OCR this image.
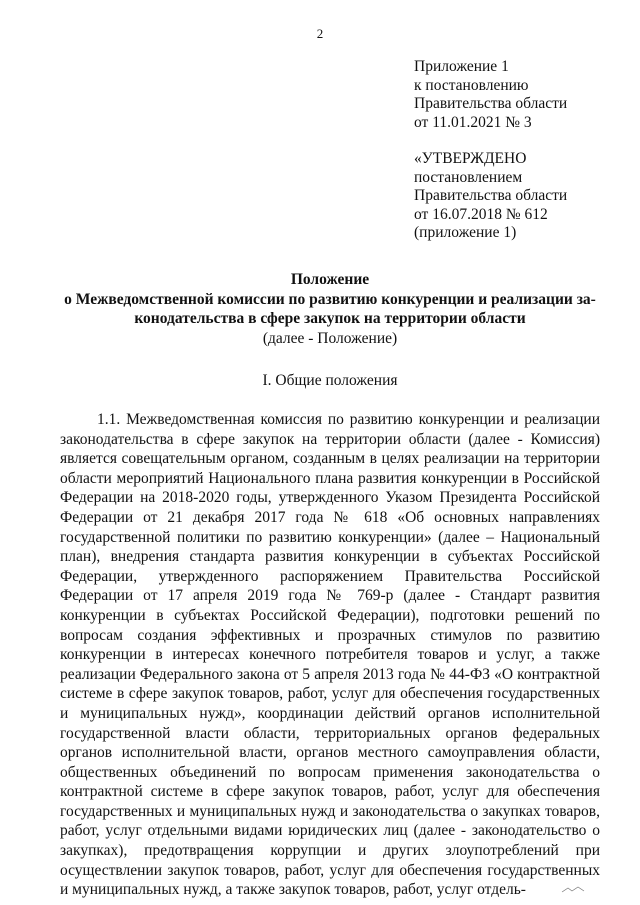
2
Приложение 1
к постановлению
Правительства области
от 11.01.2021 № 3
«УТВЕРЖДЕНО
постановлением
Правительства области
от 16.07.2018 № 612
(приложение 1)
Положение
о Межведомственной комиссии по развитию конкуренции и реализации за-
конодательства в сфере закупок на территории области
(далее - Положение)
I. Общие положения

1.1. Межведомственная комиссия по развитию конкуренции и реализации законодательства в сфере закупок на территории области (далее - Комиссия) является совещательным органом, созданным в целях реализации на территории области мероприятий Национального плана развития конкуренции в Российской Федерации на 2018-2020 годы, утвержденного Указом Президента Российской Федерации от 21 декабря 2017 года № 618 «Об основных направлениях государственной политики по развитию конкуренции» (далее – Национальный план), внедрения стандарта развития конкуренции в субъектах Российской Федерации, утвержденного распоряжением Правительства Российской Федерации от 17 апреля 2019 года № 769-р (далее - Стандарт развития конкуренции в субъектах Российской Федерации), подготовки решений по вопросам создания эффективных и прозрачных стимулов по развитию конкуренции в интересах конечного потребителя товаров и услуг, а также реализации Федерального закона от 5 апреля 2013 года № 44-ФЗ «О контрактной системе в сфере закупок товаров, работ, услуг для обеспечения государственных и муниципальных нужд», координации действий органов исполнительной государственной власти области, территориальных органов федеральных органов исполнительной власти, органов местного самоуправления области, общественных объединений по вопросам применения законодательства о контрактной системе в сфере закупок товаров, работ, услуг для обеспечения государственных и муниципальных нужд и законодательства о закупках товаров, работ, услуг отдельными видами юридических лиц (далее - законодательство о закупках), предотвращения коррупции и других злоупотреблений при осуществлении закупок товаров, работ, услуг для обеспечения государственных и муниципальных нужд, а также закупок товаров, работ, услуг отдель-
